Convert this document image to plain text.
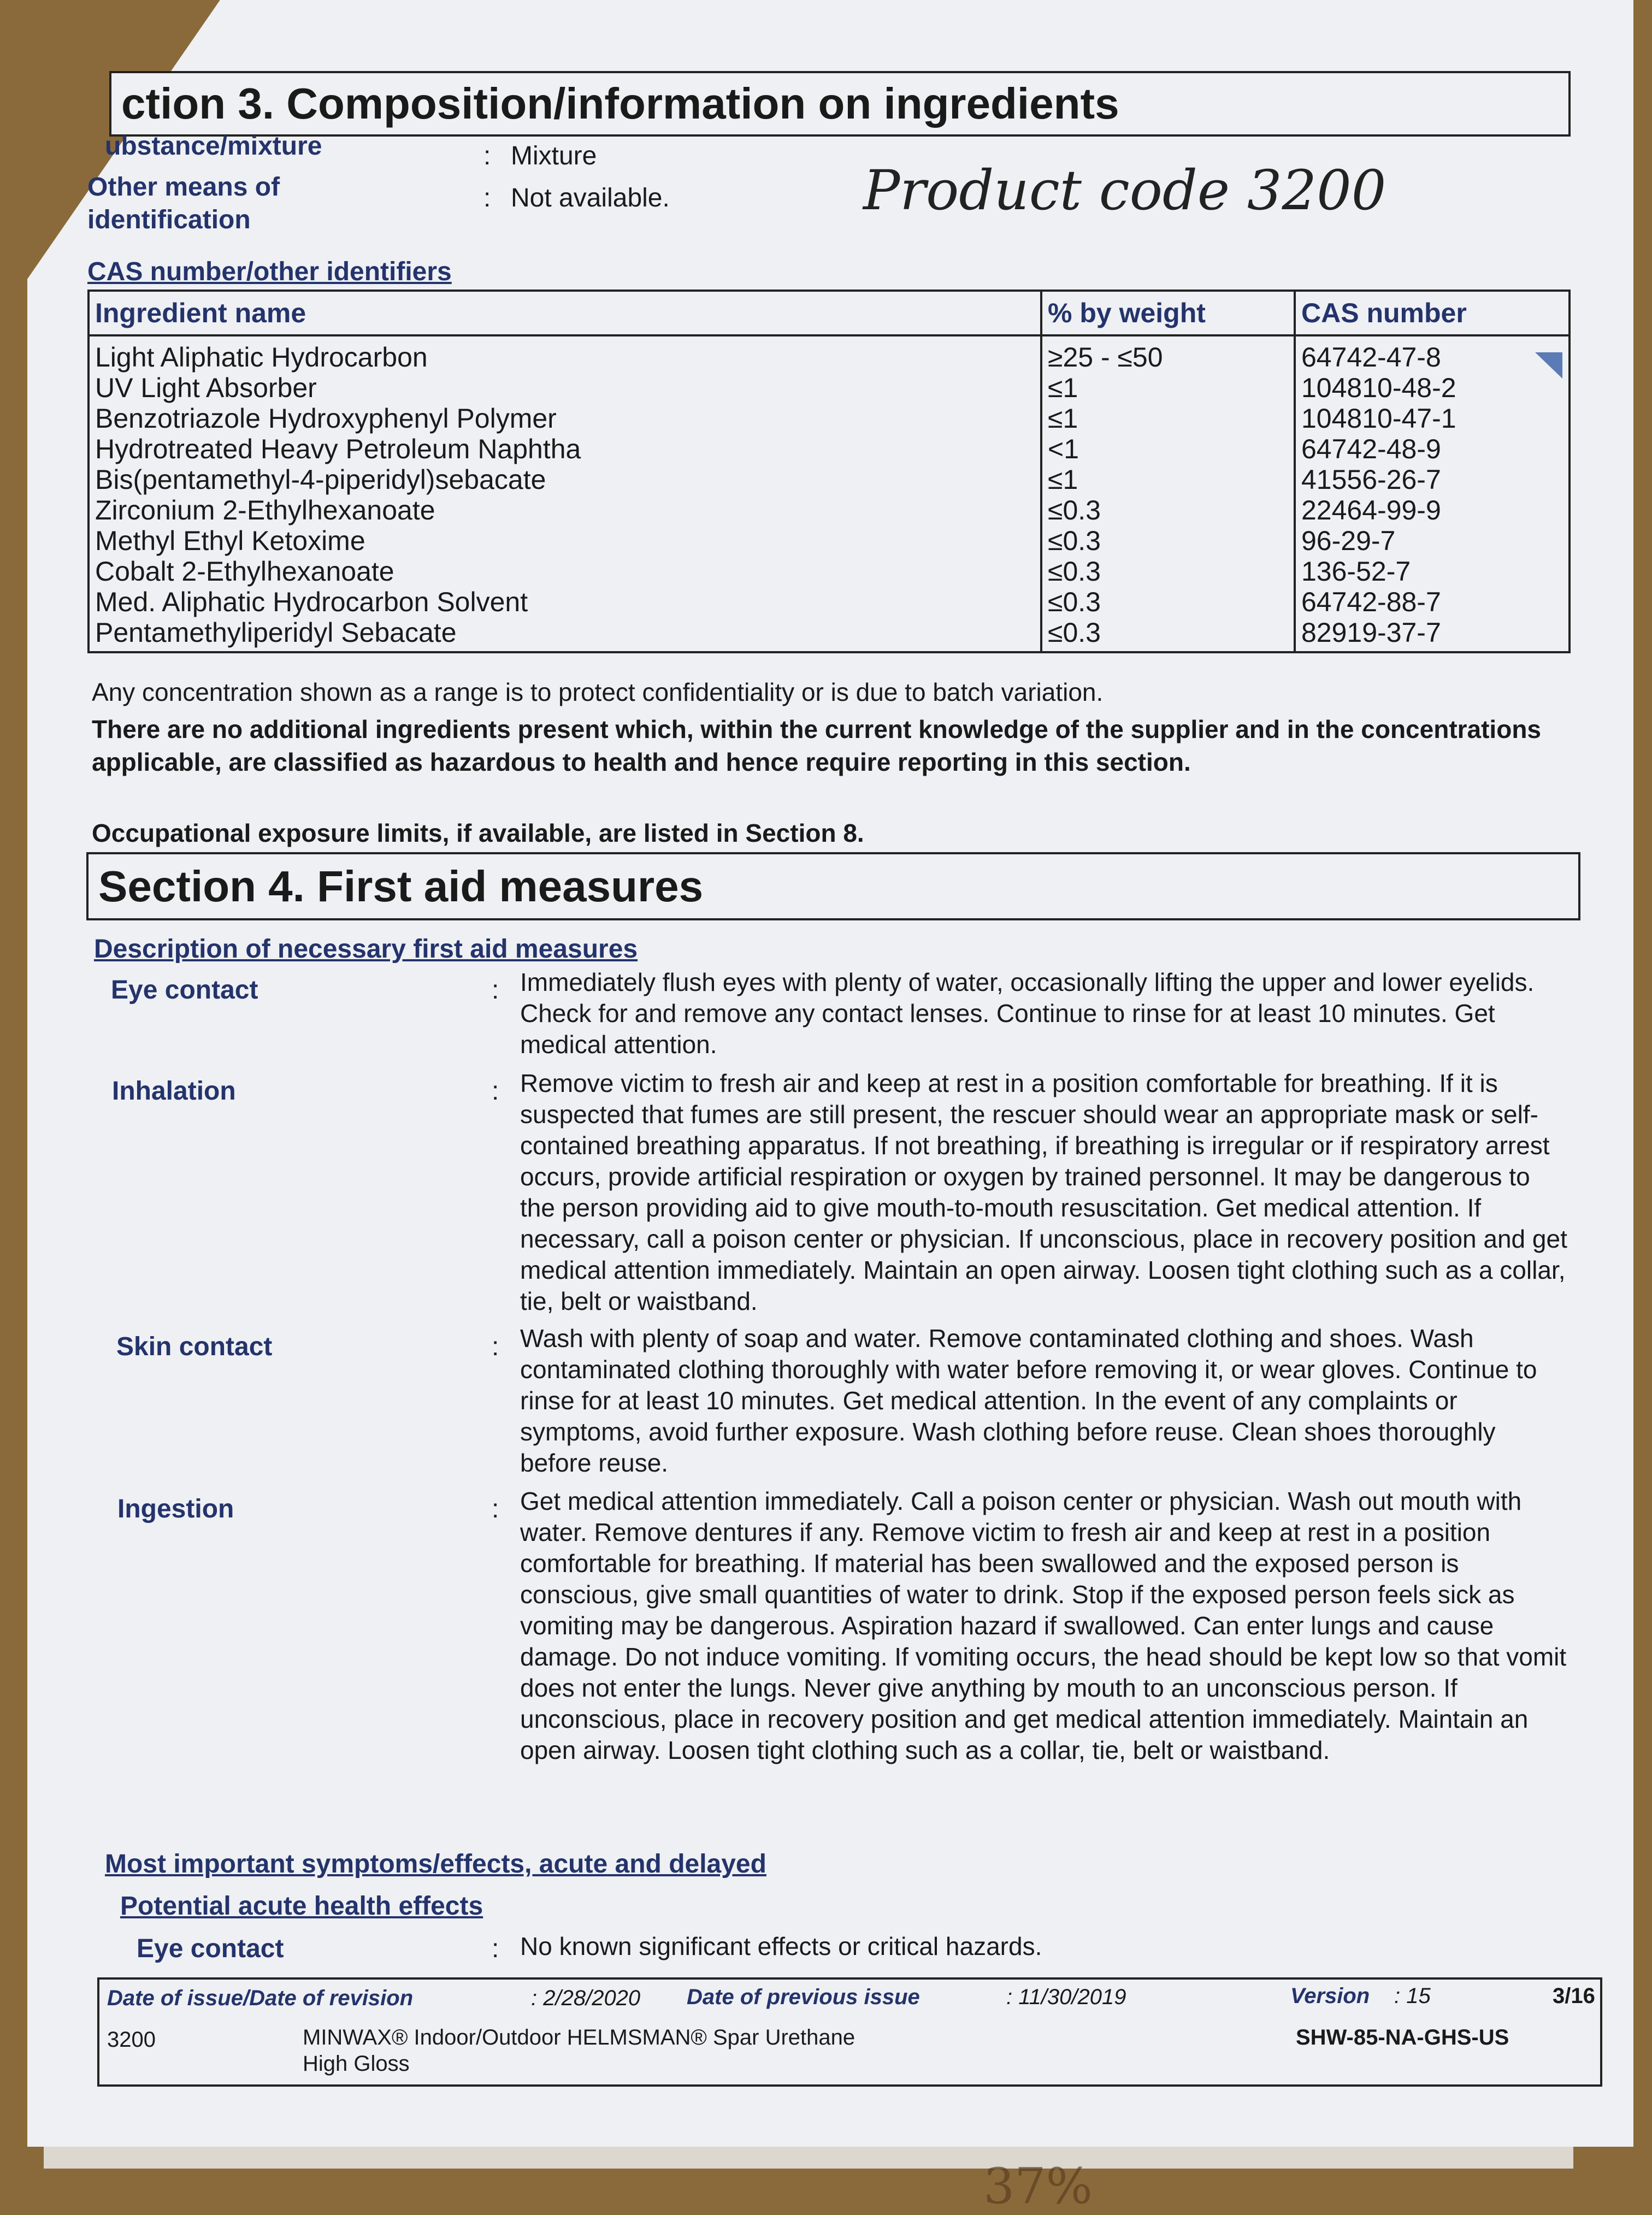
37%
ction 3. Composition/information on ingredients
ubstance/mixture	: Mixture
Other means of
identification
: Not available.	Product code 3200
CAS number/other identifiers
Ingredient name	% by weight	CAS number
Light Aliphatic Hydrocarbon	≥25 - ≤50	64742-47-8
UV Light Absorber	≤1	104810-48-2
Benzotriazole Hydroxyphenyl Polymer	≤1	104810-47-1
Hydrotreated Heavy Petroleum Naphtha	<1	64742-48-9
Bis(pentamethyl-4-piperidyl)sebacate	≤1	41556-26-7
Zirconium 2-Ethylhexanoate	≤0.3	22464-99-9
Methyl Ethyl Ketoxime	≤0.3	96-29-7
Cobalt 2-Ethylhexanoate	≤0.3	136-52-7
Med. Aliphatic Hydrocarbon Solvent	≤0.3	64742-88-7
Pentamethyliperidyl Sebacate	≤0.3	82919-37-7
Any concentration shown as a range is to protect confidentiality or is due to batch variation.
There are no additional ingredients present which, within the current knowledge of the supplier and in the concentrations applicable, are classified as hazardous to health and hence require reporting in this section.
Occupational exposure limits, if available, are listed in Section 8.
Section 4. First aid measures
Description of necessary first aid measures
Eye contact	: Immediately flush eyes with plenty of water, occasionally lifting the upper and lower eyelids. Check for and remove any contact lenses. Continue to rinse for at least 10 minutes. Get medical attention.
Inhalation	: Remove victim to fresh air and keep at rest in a position comfortable for breathing. If it is suspected that fumes are still present, the rescuer should wear an appropriate mask or self-contained breathing apparatus. If not breathing, if breathing is irregular or if respiratory arrest occurs, provide artificial respiration or oxygen by trained personnel. It may be dangerous to the person providing aid to give mouth-to-mouth resuscitation. Get medical attention. If necessary, call a poison center or physician. If unconscious, place in recovery position and get medical attention immediately. Maintain an open airway. Loosen tight clothing such as a collar, tie, belt or waistband.
Skin contact	: Wash with plenty of soap and water. Remove contaminated clothing and shoes. Wash contaminated clothing thoroughly with water before removing it, or wear gloves. Continue to rinse for at least 10 minutes. Get medical attention. In the event of any complaints or symptoms, avoid further exposure. Wash clothing before reuse. Clean shoes thoroughly before reuse.
Ingestion	: Get medical attention immediately. Call a poison center or physician. Wash out mouth with water. Remove dentures if any. Remove victim to fresh air and keep at rest in a position comfortable for breathing. If material has been swallowed and the exposed person is conscious, give small quantities of water to drink. Stop if the exposed person feels sick as vomiting may be dangerous. Aspiration hazard if swallowed. Can enter lungs and cause damage. Do not induce vomiting. If vomiting occurs, the head should be kept low so that vomit does not enter the lungs. Never give anything by mouth to an unconscious person. If unconscious, place in recovery position and get medical attention immediately. Maintain an open airway. Loosen tight clothing such as a collar, tie, belt or waistband.
Most important symptoms/effects, acute and delayed
Potential acute health effects
Eye contact	: No known significant effects or critical hazards.
Date of issue/Date of revision	: 2/28/2020 Date of previous issue	: 11/30/2019	Version : 15	3/16
3200	MINWAX® Indoor/Outdoor HELMSMAN® Spar Urethane
High Gloss
SHW-85-NA-GHS-US
